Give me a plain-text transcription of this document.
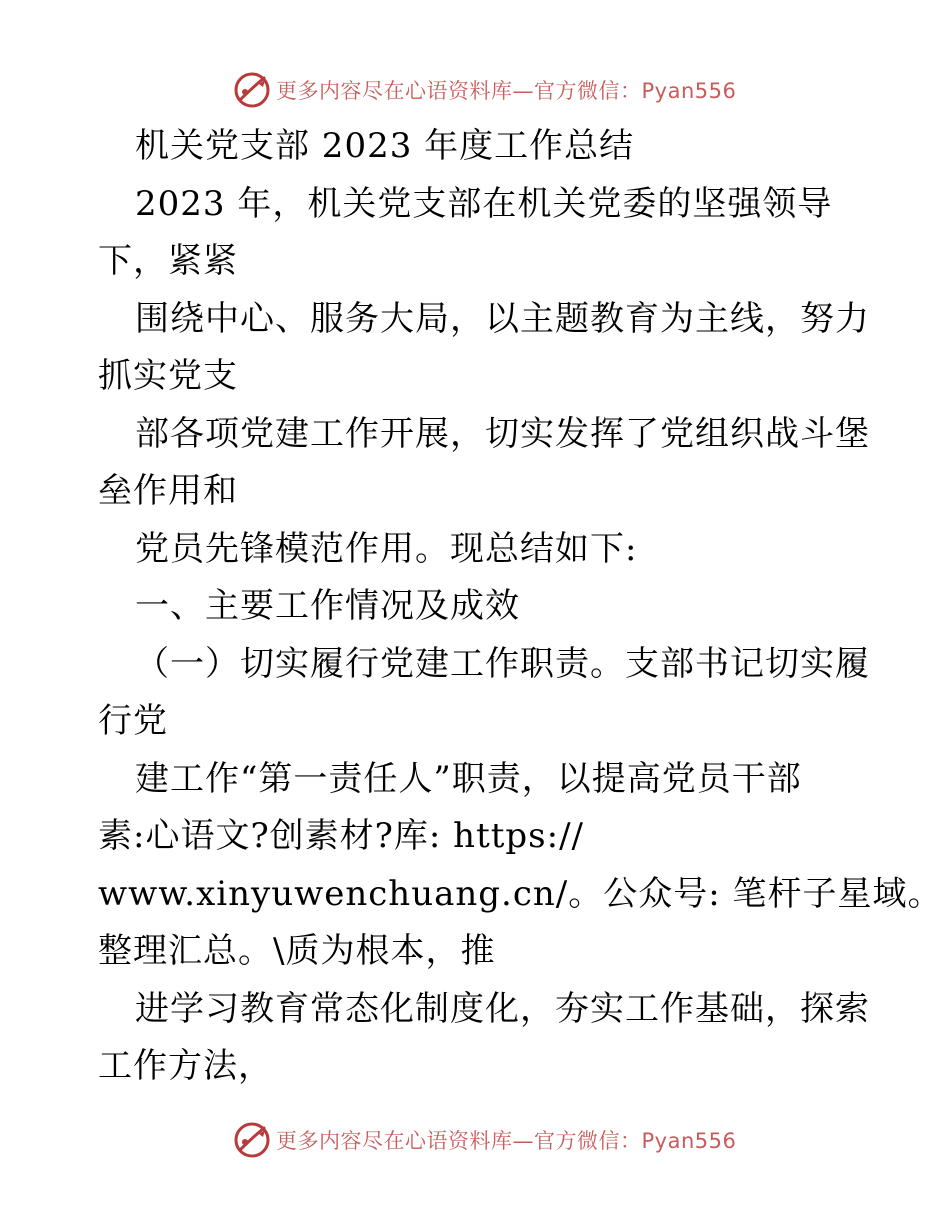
更多内容尽在心语资料库—官方微信：Pyan556
机关党支部 2023 年度工作总结
2023 年，机关党支部在机关党委的坚强领导
下，紧紧
围绕中心、服务大局，以主题教育为主线，努力
抓实党支
部各项党建工作开展，切实发挥了党组织战斗堡
垒作用和
党员先锋模范作用。现总结如下:
一、主要工作情况及成效
（一）切实履行党建工作职责。支部书记切实履
行党
建工作“第一责任人”职责，以提高党员干部
素:心语文?创素材?库: https://
www.xinyuwenchuang.cn/。公众号: 笔杆子星域。
整理汇总。\质为根本，推
进学习教育常态化制度化，夯实工作基础，探索
工作方法，
更多内容尽在心语资料库—官方微信：Pyan556
